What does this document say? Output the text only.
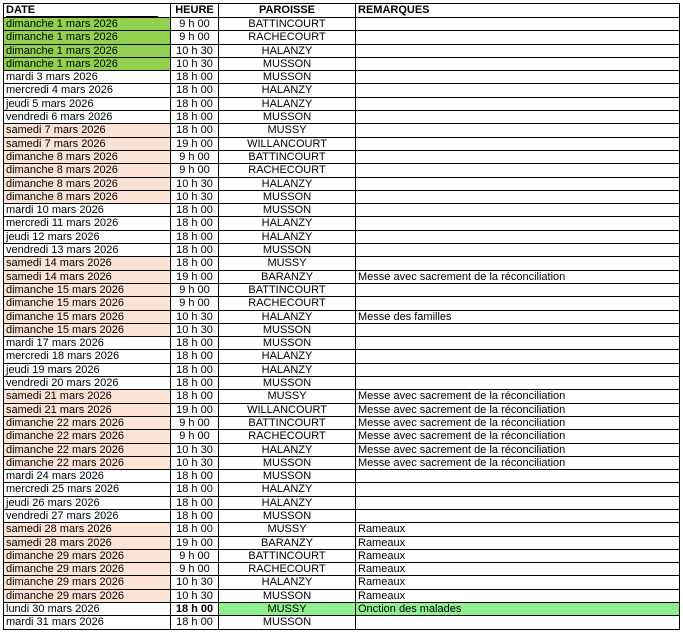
DATE	HEURE	PAROISSE	REMARQUES
dimanche 1 mars 2026	9 h 00	BATTINCOURT	
dimanche 1 mars 2026	9 h 00	RACHECOURT	
dimanche 1 mars 2026	10 h 30	HALANZY	
dimanche 1 mars 2026	10 h 30	MUSSON	
mardi 3 mars 2026	18 h 00	MUSSON	
mercredi 4 mars 2026	18 h 00	HALANZY	
jeudi 5 mars 2026	18 h 00	HALANZY	
vendredi 6 mars 2026	18 h 00	MUSSON	
samedi 7 mars 2026	18 h 00	MUSSY	
samedi 7 mars 2026	19 h 00	WILLANCOURT	
dimanche 8 mars 2026	9 h 00	BATTINCOURT	
dimanche 8 mars 2026	9 h 00	RACHECOURT	
dimanche 8 mars 2026	10 h 30	HALANZY	
dimanche 8 mars 2026	10 h 30	MUSSON	
mardi 10 mars 2026	18 h 00	MUSSON	
mercredi 11 mars 2026	18 h 00	HALANZY	
jeudi 12 mars 2026	18 h 00	HALANZY	
vendredi 13 mars 2026	18 h 00	MUSSON	
samedi 14 mars 2026	18 h 00	MUSSY	
samedi 14 mars 2026	19 h 00	BARANZY	Messe avec sacrement de la réconciliation
dimanche 15 mars 2026	9 h 00	BATTINCOURT	
dimanche 15 mars 2026	9 h 00	RACHECOURT	
dimanche 15 mars 2026	10 h 30	HALANZY	Messe des familles
dimanche 15 mars 2026	10 h 30	MUSSON	
mardi 17 mars 2026	18 h 00	MUSSON	
mercredi 18 mars 2026	18 h 00	HALANZY	
jeudi 19 mars 2026	18 h 00	HALANZY	
vendredi 20 mars 2026	18 h 00	MUSSON	
samedi 21 mars 2026	18 h 00	MUSSY	Messe avec sacrement de la réconciliation
samedi 21 mars 2026	19 h 00	WILLANCOURT	Messe avec sacrement de la réconciliation
dimanche 22 mars 2026	9 h 00	BATTINCOURT	Messe avec sacrement de la réconciliation
dimanche 22 mars 2026	9 h 00	RACHECOURT	Messe avec sacrement de la réconciliation
dimanche 22 mars 2026	10 h 30	HALANZY	Messe avec sacrement de la réconciliation
dimanche 22 mars 2026	10 h 30	MUSSON	Messe avec sacrement de la réconciliation
mardi 24 mars 2026	18 h 00	MUSSON	
mercredi 25 mars 2026	18 h 00	HALANZY	
jeudi 26 mars 2026	18 h 00	HALANZY	
vendredi 27 mars 2026	18 h 00	MUSSON	
samedi 28 mars 2026	18 h 00	MUSSY	Rameaux
samedi 28 mars 2026	19 h 00	BARANZY	Rameaux
dimanche 29 mars 2026	9 h 00	BATTINCOURT	Rameaux
dimanche 29 mars 2026	9 h 00	RACHECOURT	Rameaux
dimanche 29 mars 2026	10 h 30	HALANZY	Rameaux
dimanche 29 mars 2026	10 h 30	MUSSON	Rameaux
lundi 30 mars 2026	18 h 00	MUSSY	Onction des malades
mardi 31 mars 2026	18 h 00	MUSSON	
